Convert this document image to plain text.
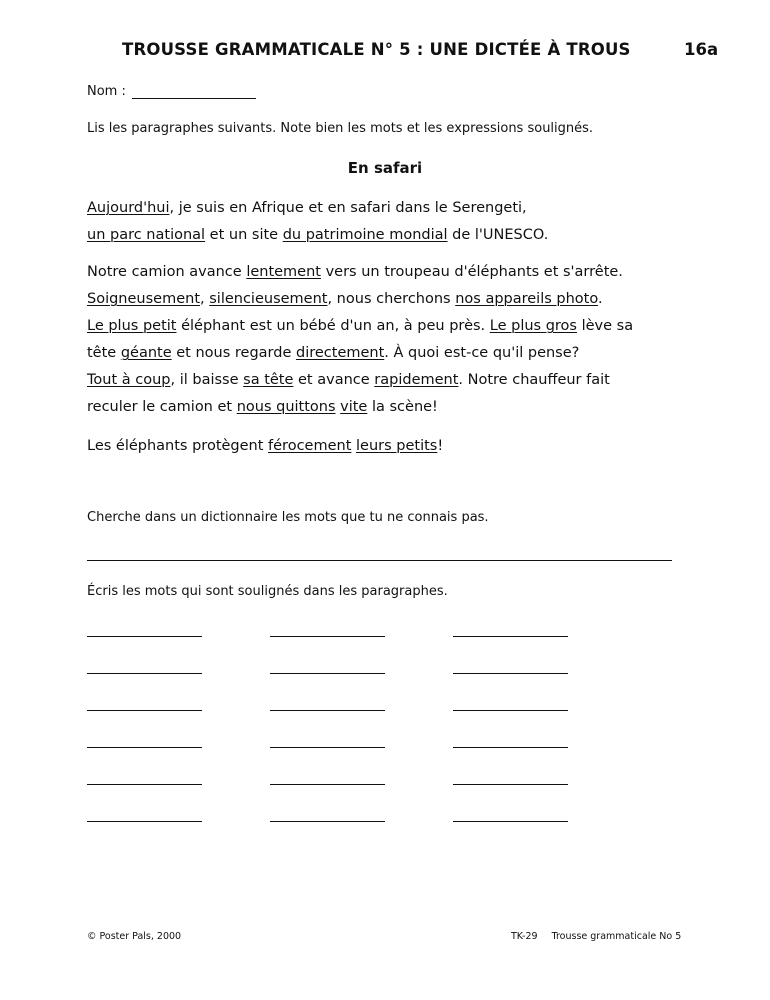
TROUSSE GRAMMATICALE N° 5 : UNE DICTÉE À TROUS	16a
Nom :
Lis les paragraphes suivants. Note bien les mots et les expressions soulignés.
En safari
Aujourd'hui, je suis en Afrique et en safari dans le Serengeti,
un parc national et un site du patrimoine mondial de l'UNESCO.
Notre camion avance lentement vers un troupeau d'éléphants et s'arrête.
Soigneusement, silencieusement, nous cherchons nos appareils photo.
Le plus petit éléphant est un bébé d'un an, à peu près. Le plus gros lève sa
tête géante et nous regarde directement. À quoi est-ce qu'il pense?
Tout à coup, il baisse sa tête et avance rapidement. Notre chauffeur fait
reculer le camion et nous quittons vite la scène!
Les éléphants protègent férocement leurs petits!
Cherche dans un dictionnaire les mots que tu ne connais pas.
Écris les mots qui sont soulignés dans les paragraphes.
© Poster Pals, 2000	TK-29 Trousse grammaticale No 5
